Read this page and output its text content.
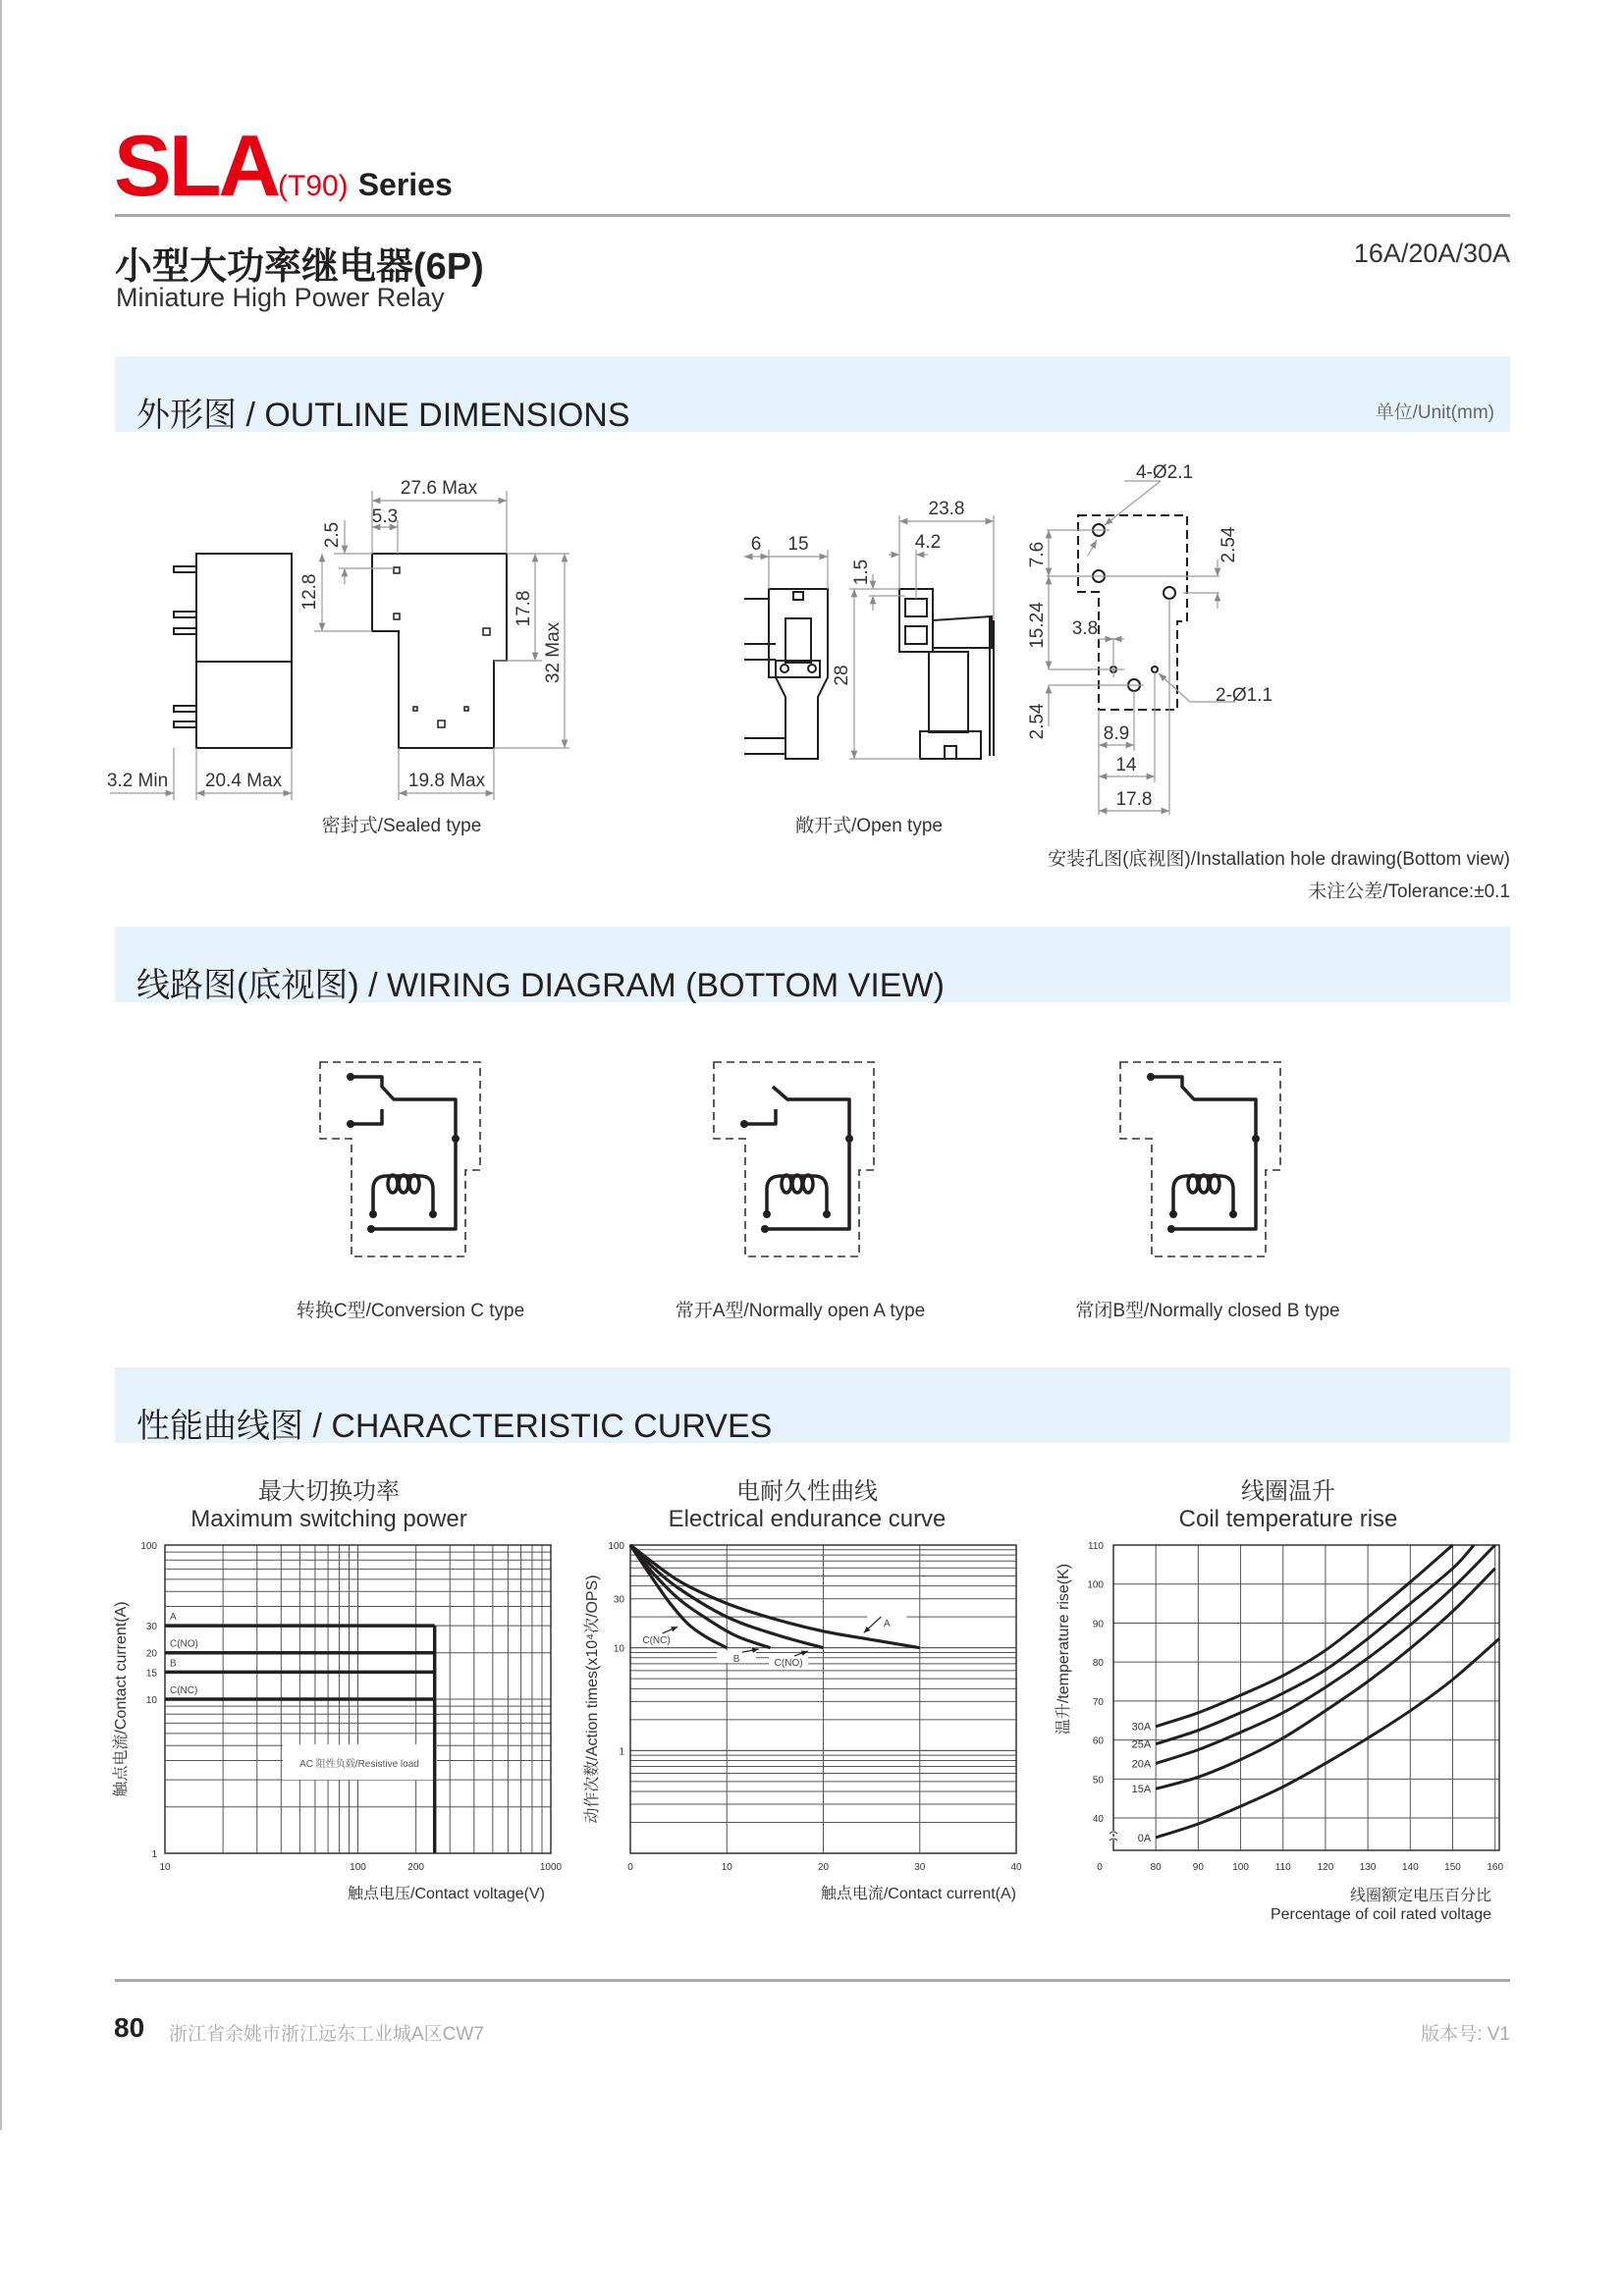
SLA(T90) Series
小型大功率继电器(6P)
Miniature High Power Relay
16A/20A/30A
外形图 / OUTLINE DIMENSIONS	单位/Unit(mm)
3.2 Min 20.4 Max
27.6 Max
5.3
2.5
12.8	17.8
32 Max
19.8 Max
6 15
28
23.8
4.2
1.5
4-Ø2.1
7.6	2.54
15.24 3.8
2-Ø1.1
2.54	8.9
14
17.8
密封式/Sealed type	敞开式/Open type
安装孔图(底视图)/Installation hole drawing(Bottom view)
未注公差/Tolerance:±0.1
线路图(底视图) / WIRING DIAGRAM (BOTTOM VIEW)
转换C型/Conversion C type	常开A型/Normally open A type	常闭B型/Normally closed B type
性能曲线图 / CHARACTERISTIC CURVES
最大切换功率
Maximum switching power
电耐久性曲线
Electrical endurance curve
线圈温升
Coil temperature rise
AC 阻性负载/Resistive load
A
C(NO)
B
C(NC)
100
30
20
15
10
1
10	100	200	1000
触点电压/Contact voltage(V)
触点电流/Contact current(A)	A
C(NO)
B
C(NC)
100
30
10
1
0	10	20	30	40
触点电流/Contact current(A)
动作次数/Action times(x10⁴次/OPS)	30A
25A
20A
15A
0A
110
100
90
80
70
60
50
40
0	80	90	100	110	120	130	140	150	160
线圈额定电压百分比
Percentage of coil rated voltage
温升/temperature rise(K)
80 浙江省余姚市浙江远东工业城A区CW7	版本号: V1
